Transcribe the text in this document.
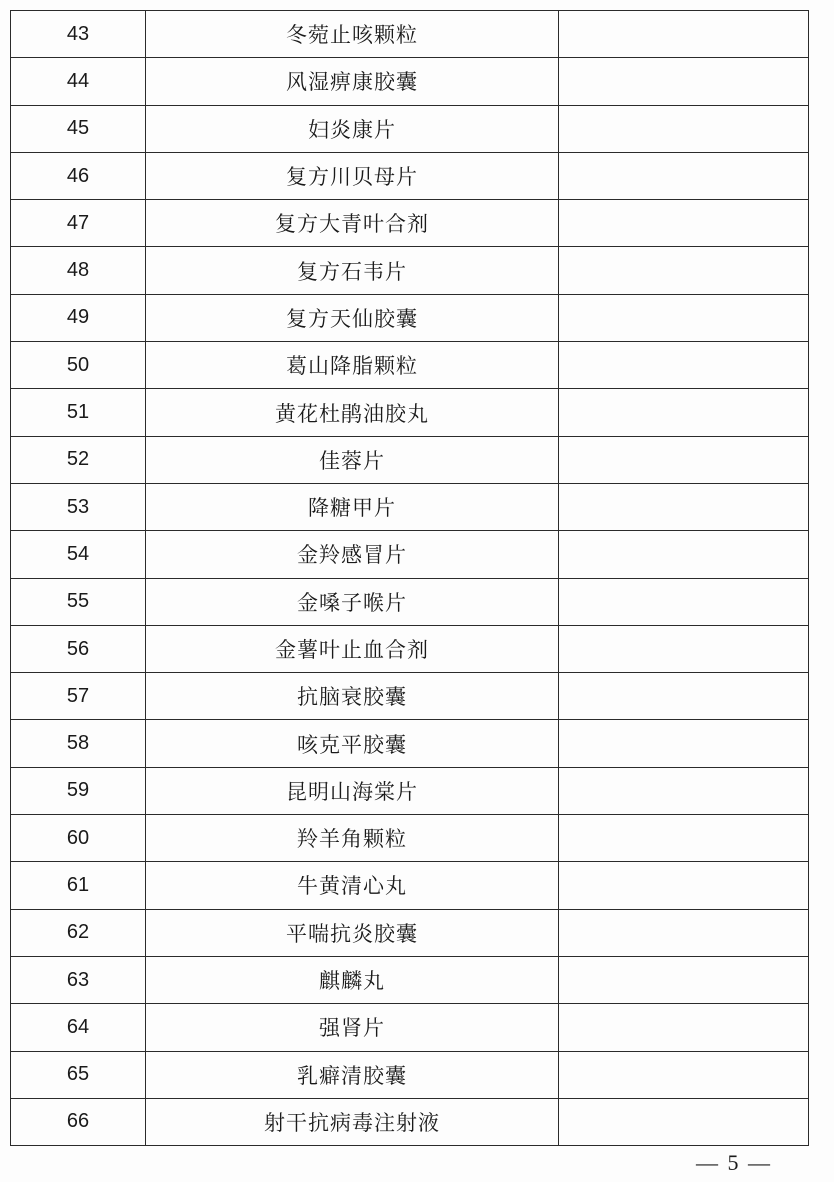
43	冬菀止咳颗粒	
44	风湿痹康胶囊	
45	妇炎康片	
46	复方川贝母片	
47	复方大青叶合剂	
48	复方石韦片	
49	复方天仙胶囊	
50	葛山降脂颗粒	
51	黄花杜鹃油胶丸	
52	佳蓉片	
53	降糖甲片	
54	金羚感冒片	
55	金嗓子喉片	
56	金薯叶止血合剂	
57	抗脑衰胶囊	
58	咳克平胶囊	
59	昆明山海棠片	
60	羚羊角颗粒	
61	牛黄清心丸	
62	平喘抗炎胶囊	
63	麒麟丸	
64	强肾片	
65	乳癖清胶囊	
66	射干抗病毒注射液	
— 5 —
